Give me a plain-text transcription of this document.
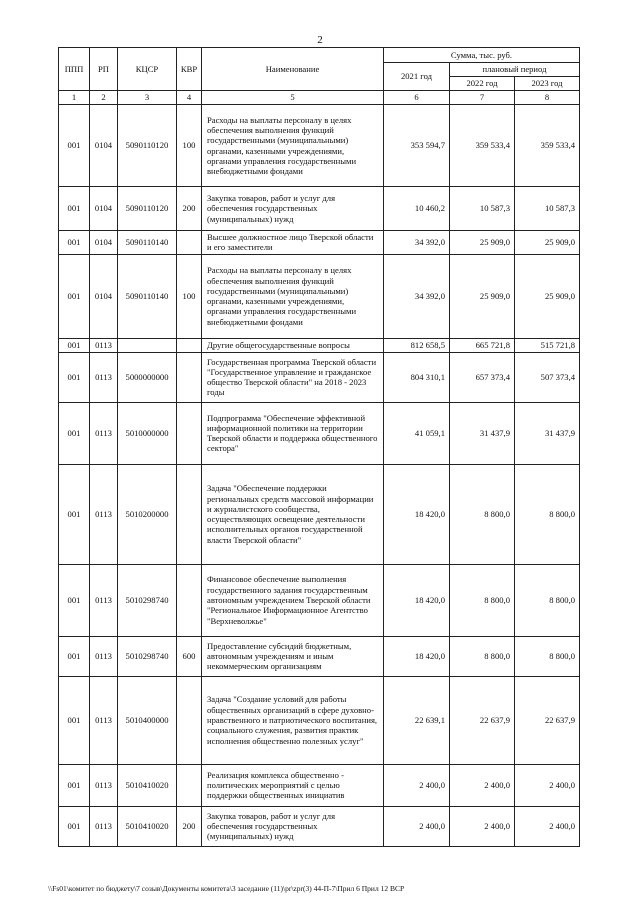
2
ППП	РП	КЦСР	КВР	Наименование	Сумма, тыс. руб.		
					2021 год	плановый период	
						2022 год	2023 год
1	2	3	4	5	6	7	8
001	0104	5090110120	100	Расходы на выплаты персоналу в целях обеспечения выполнения функций государственными (муниципальными) органами, казенными учреждениями, органами управления государственными внебюджетными фондами	353 594,7	359 533,4	359 533,4
001	0104	5090110120	200	Закупка товаров, работ и услуг для обеспечения государственных (муниципальных) нужд	10 460,2	10 587,3	10 587,3
001	0104	5090110140		Высшее должностное лицо Тверской области и его заместители	34 392,0	25 909,0	25 909,0
001	0104	5090110140	100	Расходы на выплаты персоналу в целях обеспечения выполнения функций государственными (муниципальными) органами, казенными учреждениями, органами управления государственными внебюджетными фондами	34 392,0	25 909,0	25 909,0
001	0113			Другие общегосударственные вопросы	812 658,5	665 721,8	515 721,8
001	0113	5000000000		Государственная программа Тверской области "Государственное управление и гражданское общество Тверской области" на 2018 - 2023 годы	804 310,1	657 373,4	507 373,4
001	0113	5010000000		Подпрограмма "Обеспечение эффективной информационной политики на территории Тверской области и поддержка общественного сектора"	41 059,1	31 437,9	31 437,9
001	0113	5010200000		Задача "Обеспечение поддержки региональных средств массовой информации и журналистского сообщества, осуществляющих освещение деятельности исполнительных органов государственной власти Тверской области"	18 420,0	8 800,0	8 800,0
001	0113	5010298740		Финансовое обеспечение выполнения государственного задания государственным автономным учреждением Тверской области "Региональное Информационное Агентство "Верхневолжье"	18 420,0	8 800,0	8 800,0
001	0113	5010298740	600	Предоставление субсидий бюджетным, автономным учреждениям и иным некоммерческим организациям	18 420,0	8 800,0	8 800,0
001	0113	5010400000		Задача "Создание условий для работы общественных организаций в сфере духовно-нравственного и патриотического воспитания, социального служения, развития практик исполнения общественно полезных услуг"	22 639,1	22 637,9	22 637,9
001	0113	5010410020		Реализация комплекса общественно - политических мероприятий с целью поддержки общественных инициатив	2 400,0	2 400,0	2 400,0
001	0113	5010410020	200	Закупка товаров, работ и услуг для обеспечения государственных (муниципальных) нужд	2 400,0	2 400,0	2 400,0
\\Fs01\комитет по бюджету\7 созыв\Документы комитета\3 заседание (11)\pr\zpr(3) 44-П-7\Прил 6 Прил 12 ВСР
